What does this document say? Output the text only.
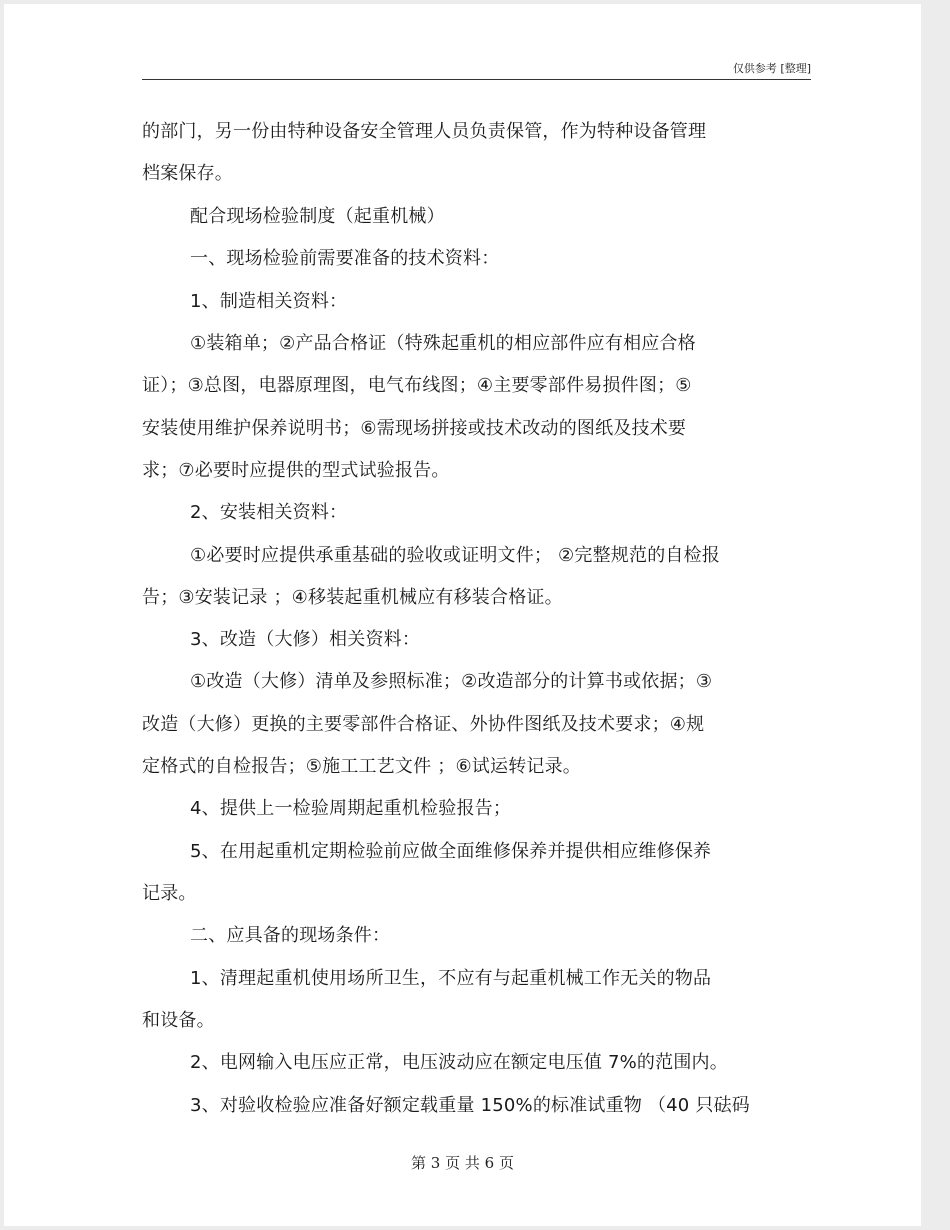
仅供参考 [整理]
的部门，另一份由特种设备安全管理人员负责保管，作为特种设备管理
档案保存。
配合现场检验制度（起重机械）
一、现场检验前需要准备的技术资料：
1、制造相关资料：
①装箱单；②产品合格证（特殊起重机的相应部件应有相应合格
证）；③总图，电器原理图，电气布线图；④主要零部件易损件图；⑤
安装使用维护保养说明书；⑥需现场拼接或技术改动的图纸及技术要
求；⑦必要时应提供的型式试验报告。
2、安装相关资料：
①必要时应提供承重基础的验收或证明文件； ②完整规范的自检报
告；③安装记录 ；④移装起重机械应有移装合格证。
3、改造（大修）相关资料：
①改造（大修）清单及参照标准；②改造部分的计算书或依据；③
改造（大修）更换的主要零部件合格证、外协件图纸及技术要求；④规
定格式的自检报告；⑤施工工艺文件 ；⑥试运转记录。
4、提供上一检验周期起重机检验报告；
5、在用起重机定期检验前应做全面维修保养并提供相应维修保养
记录。
二、应具备的现场条件：
1、清理起重机使用场所卫生，不应有与起重机械工作无关的物品
和设备。
2、电网输入电压应正常，电压波动应在额定电压值 7%的范围内。
3、对验收检验应准备好额定载重量 150%的标准试重物 （40 只砝码
第 3 页 共 6 页
